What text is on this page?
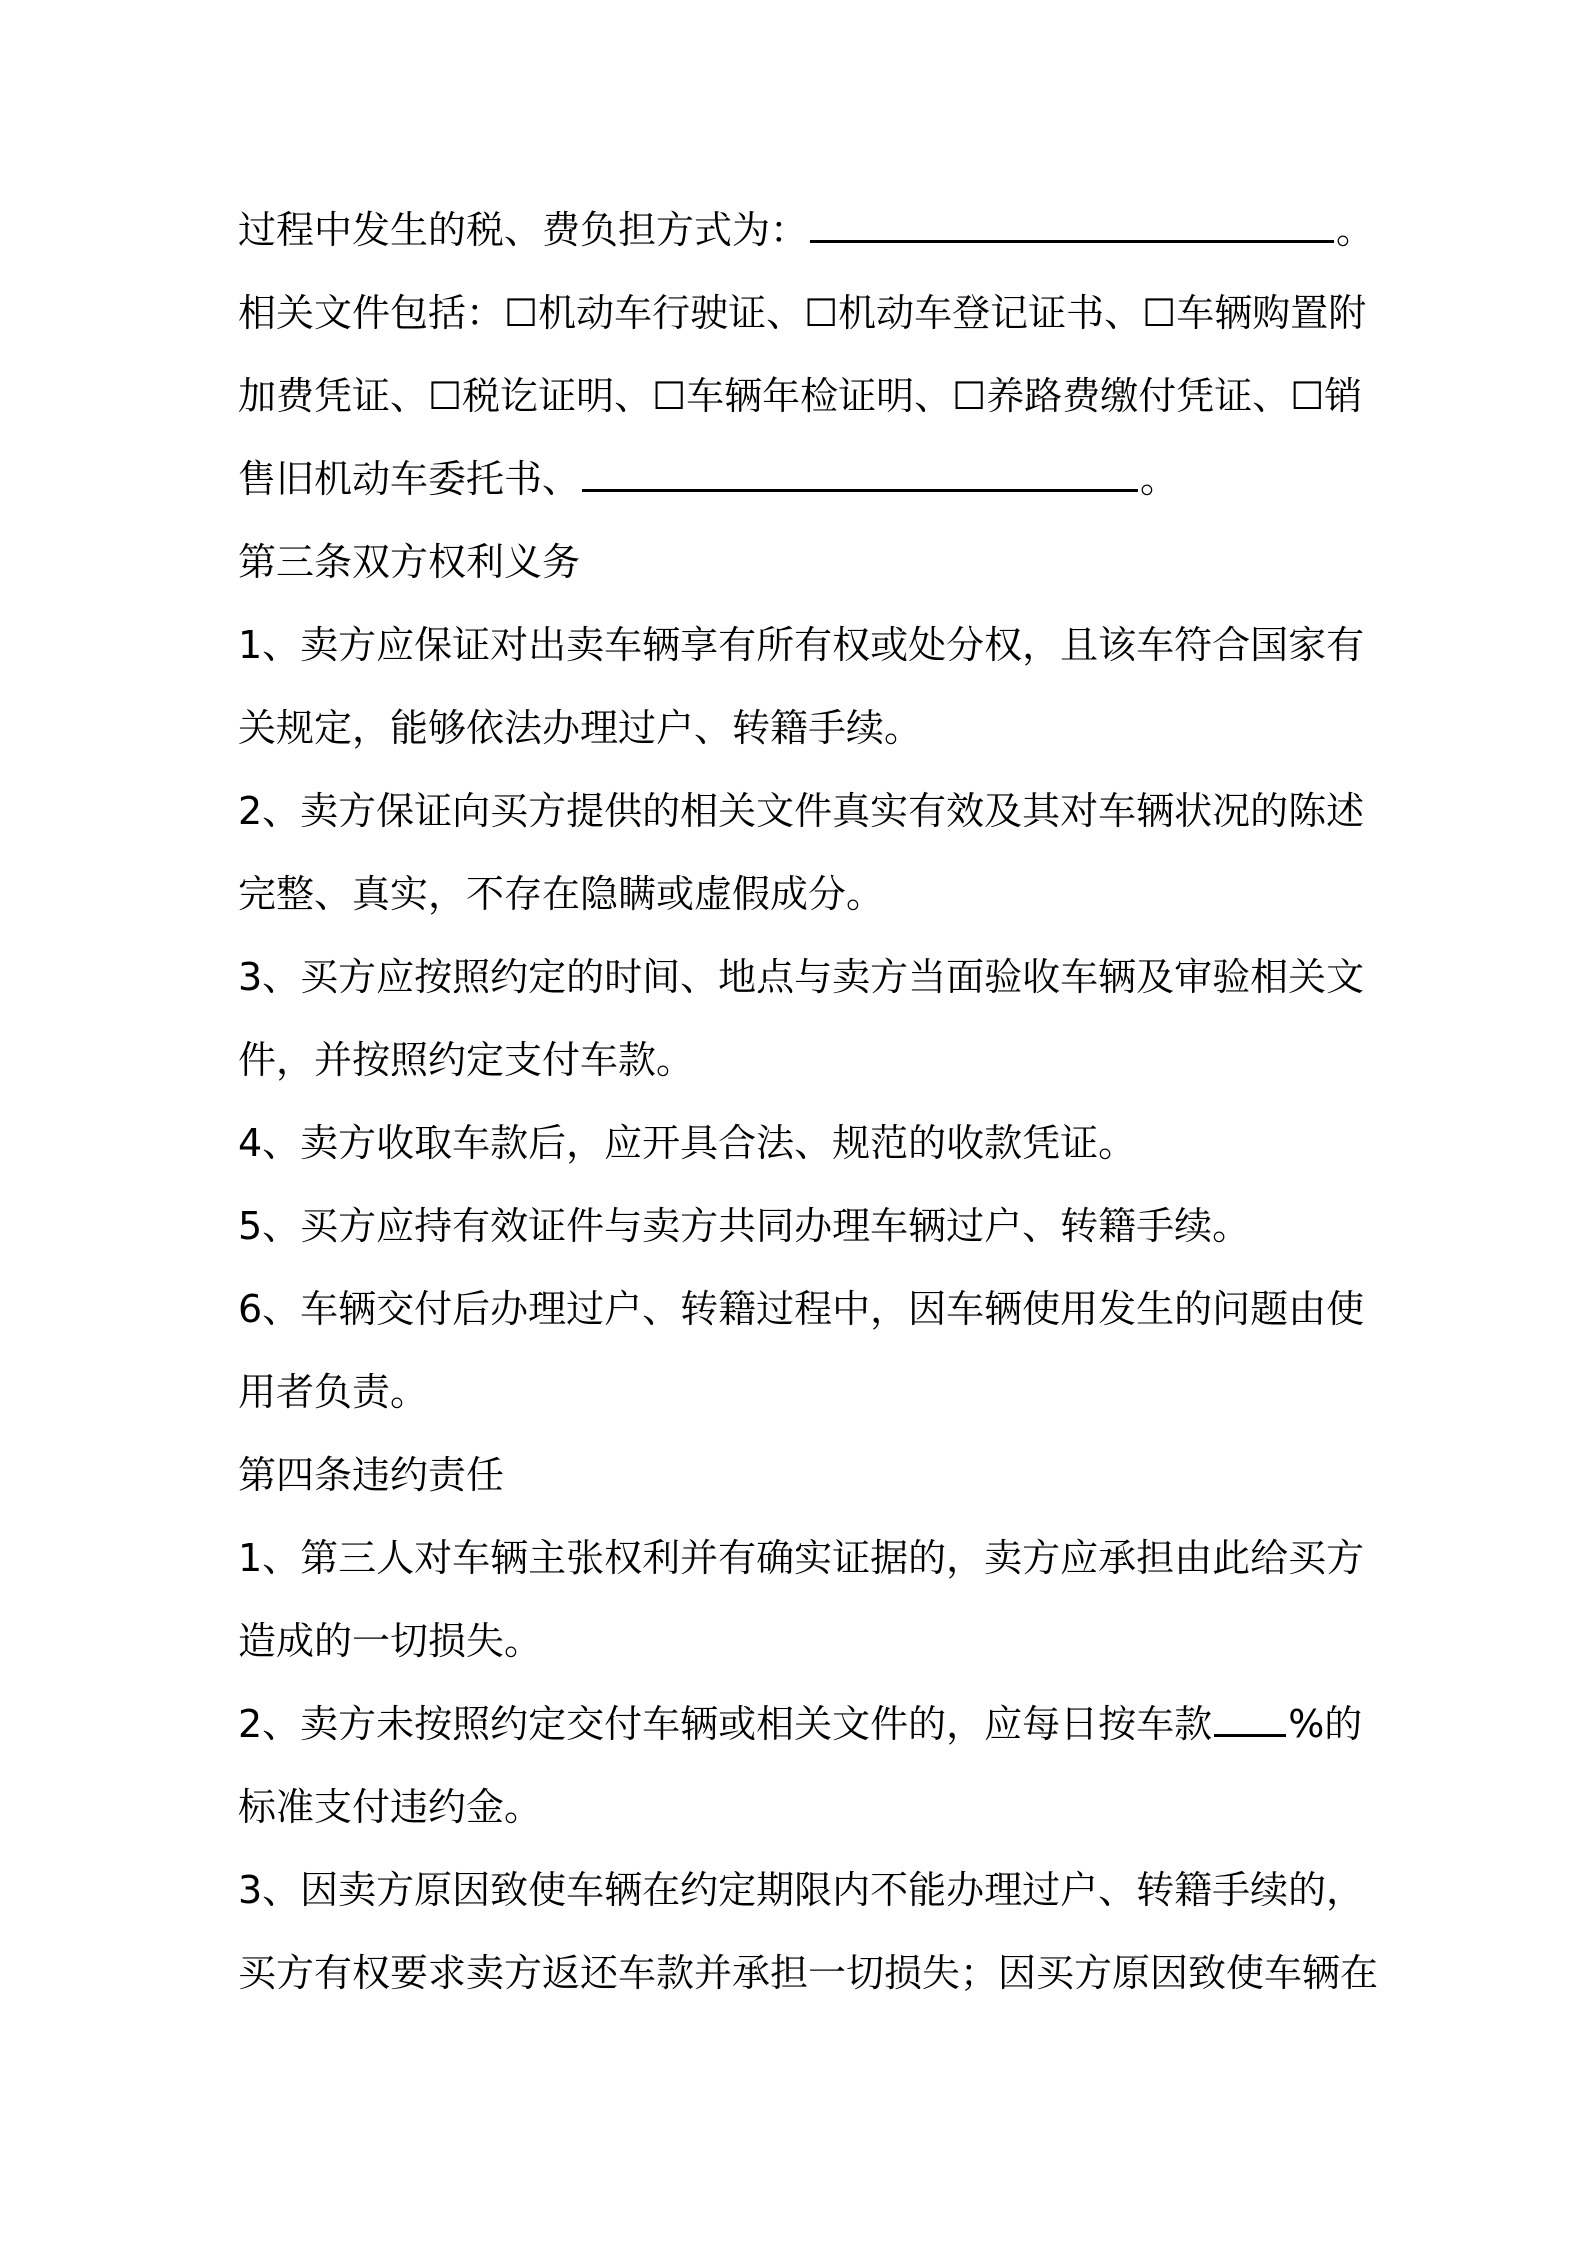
过程中发生的税、费负担方式为：	。
相关文件包括：☐机动车行驶证、☐机动车登记证书、☐车辆购置附
加费凭证、☐税讫证明、☐车辆年检证明、☐养路费缴付凭证、☐销
售旧机动车委托书、	。
第三条双方权利义务
1、卖方应保证对出卖车辆享有所有权或处分权，且该车符合国家有
关规定，能够依法办理过户、转籍手续。
2、卖方保证向买方提供的相关文件真实有效及其对车辆状况的陈述
完整、真实，不存在隐瞒或虚假成分。
3、买方应按照约定的时间、地点与卖方当面验收车辆及审验相关文
件，并按照约定支付车款。
4、卖方收取车款后，应开具合法、规范的收款凭证。
5、买方应持有效证件与卖方共同办理车辆过户、转籍手续。
6、车辆交付后办理过户、转籍过程中，因车辆使用发生的问题由使
用者负责。
第四条违约责任
1、第三人对车辆主张权利并有确实证据的，卖方应承担由此给买方
造成的一切损失。
2、卖方未按照约定交付车辆或相关文件的，应每日按车款 %的
标准支付违约金。
3、因卖方原因致使车辆在约定期限内不能办理过户、转籍手续的，
买方有权要求卖方返还车款并承担一切损失；因买方原因致使车辆在
